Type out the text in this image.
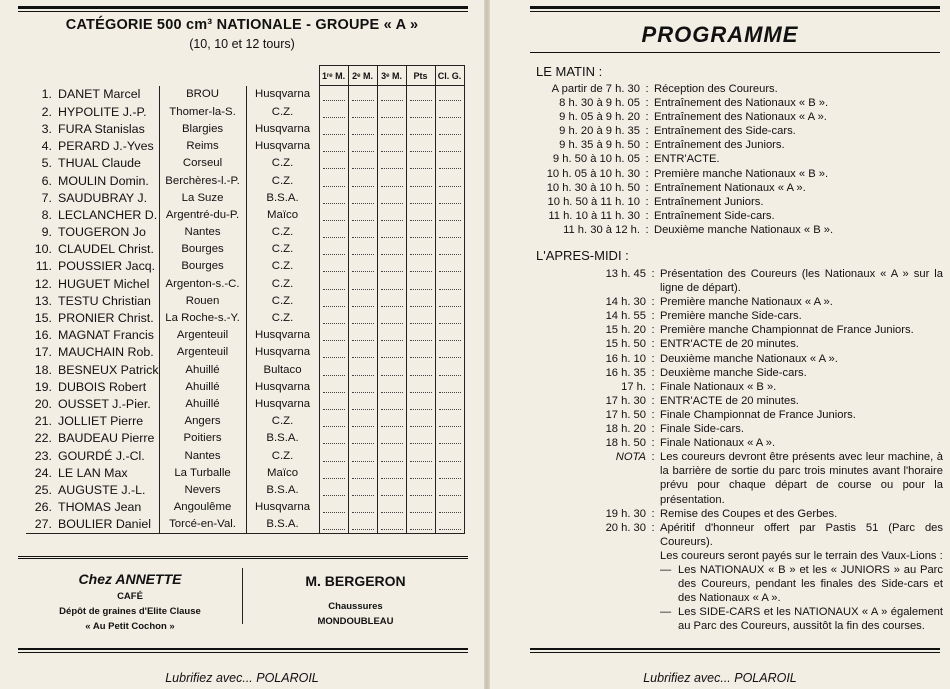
CATÉGORIE 500 cm³ NATIONALE - GROUPE « A »
(10, 10 et 12 tours)
			1ʳᵉ M.	2ᵉ M.	3ᵉ M.	Pts	Cl. G.
1. DANET Marcel	BROU	Husqvarna	

2. HYPOLITE J.-P.	Thomer-la-S.	C.Z.	

3. FURA Stanislas	Blargies	Husqvarna	

4. PERARD J.-Yves	Reims	Husqvarna	

5. THUAL Claude	Corseul	C.Z.	

6. MOULIN Domin.	Berchères-l.-P.	C.Z.	

7. SAUDUBRAY J.	La Suze	B.S.A.	

8. LECLANCHER D.	Argentré-du-P.	Maïco	

9. TOUGERON Jo	Nantes	C.Z.	

10. CLAUDEL Christ.	Bourges	C.Z.	

11. POUSSIER Jacq.	Bourges	C.Z.	

12. HUGUET Michel	Argenton-s.-C.	C.Z.	

13. TESTU Christian	Rouen	C.Z.	

15. PRONIER Christ.	La Roche-s.-Y.	C.Z.	

16. MAGNAT Francis	Argenteuil	Husqvarna	

17. MAUCHAIN Rob.	Argenteuil	Husqvarna	

18. BESNEUX Patrick	Ahuillé	Bultaco	

19. DUBOIS Robert	Ahuillé	Husqvarna	

20. OUSSET J.-Pier.	Ahuillé	Husqvarna	

21. JOLLIET Pierre	Angers	C.Z.	

22. BAUDEAU Pierre	Poitiers	B.S.A.	

23. GOURDÉ J.-Cl.	Nantes	C.Z.	

24. LE LAN Max	La Turballe	Maïco	

25. AUGUSTE J.-L.	Nevers	B.S.A.	

26. THOMAS Jean	Angoulême	Husqvarna	

27. BOULIER Daniel	Torcé-en-Val.	B.S.A.	

Chez ANNETTE
CAFÉ
Dépôt de graines d'Elite Clause
« Au Petit Cochon »
M. BERGERON
Chaussures
MONDOUBLEAU
Lubrifiez avec... POLAROIL
PROGRAMME
LE MATIN :
A partir de 7 h. 30 : Réception des Coureurs.
8 h. 30 à 9 h. 05 : Entraînement des Nationaux « B ».
9 h. 05 à 9 h. 20 : Entraînement des Nationaux « A ».
9 h. 20 à 9 h. 35 : Entraînement des Side-cars.
9 h. 35 à 9 h. 50 : Entraînement des Juniors.
9 h. 50 à 10 h. 05 : ENTR'ACTE.
10 h. 05 à 10 h. 30 : Première manche Nationaux « B ».
10 h. 30 à 10 h. 50 : Entraînement Nationaux « A ».
10 h. 50 à 11 h. 10 : Entraînement Juniors.
11 h. 10 à 11 h. 30 : Entraînement Side-cars.
11 h. 30 à 12 h. : Deuxième manche Nationaux « B ».
L'APRES-MIDI :
13 h. 45 : Présentation des Coureurs (les Nationaux « A » sur la ligne de départ).
14 h. 30 : Première manche Nationaux « A ».
14 h. 55 : Première manche Side-cars.
15 h. 20 : Première manche Championnat de France Juniors.
15 h. 50 : ENTR'ACTE de 20 minutes.
16 h. 10 : Deuxième manche Nationaux « A ».
16 h. 35 : Deuxième manche Side-cars.
17 h. : Finale Nationaux « B ».
17 h. 30 : ENTR'ACTE de 20 minutes.
17 h. 50 : Finale Championnat de France Juniors.
18 h. 20 : Finale Side-cars.
18 h. 50 : Finale Nationaux « A ».
NOTA : Les coureurs devront être présents avec leur machine, à la barrière de sortie du parc trois minutes avant l'horaire prévu pour chaque départ de course ou pour la présentation.
19 h. 30 : Remise des Coupes et des Gerbes.
20 h. 30 : Apéritif d'honneur offert par Pastis 51 (Parc des Coureurs).
Les coureurs seront payés sur le terrain des Vaux-Lions :
— Les NATIONAUX « B » et les « JUNIORS » au Parc des Coureurs, pendant les finales des Side-cars et des Nationaux « A ».
— Les SIDE-CARS et les NATIONAUX « A » également au Parc des Coureurs, aussitôt la fin des courses.
Lubrifiez avec... POLAROIL
